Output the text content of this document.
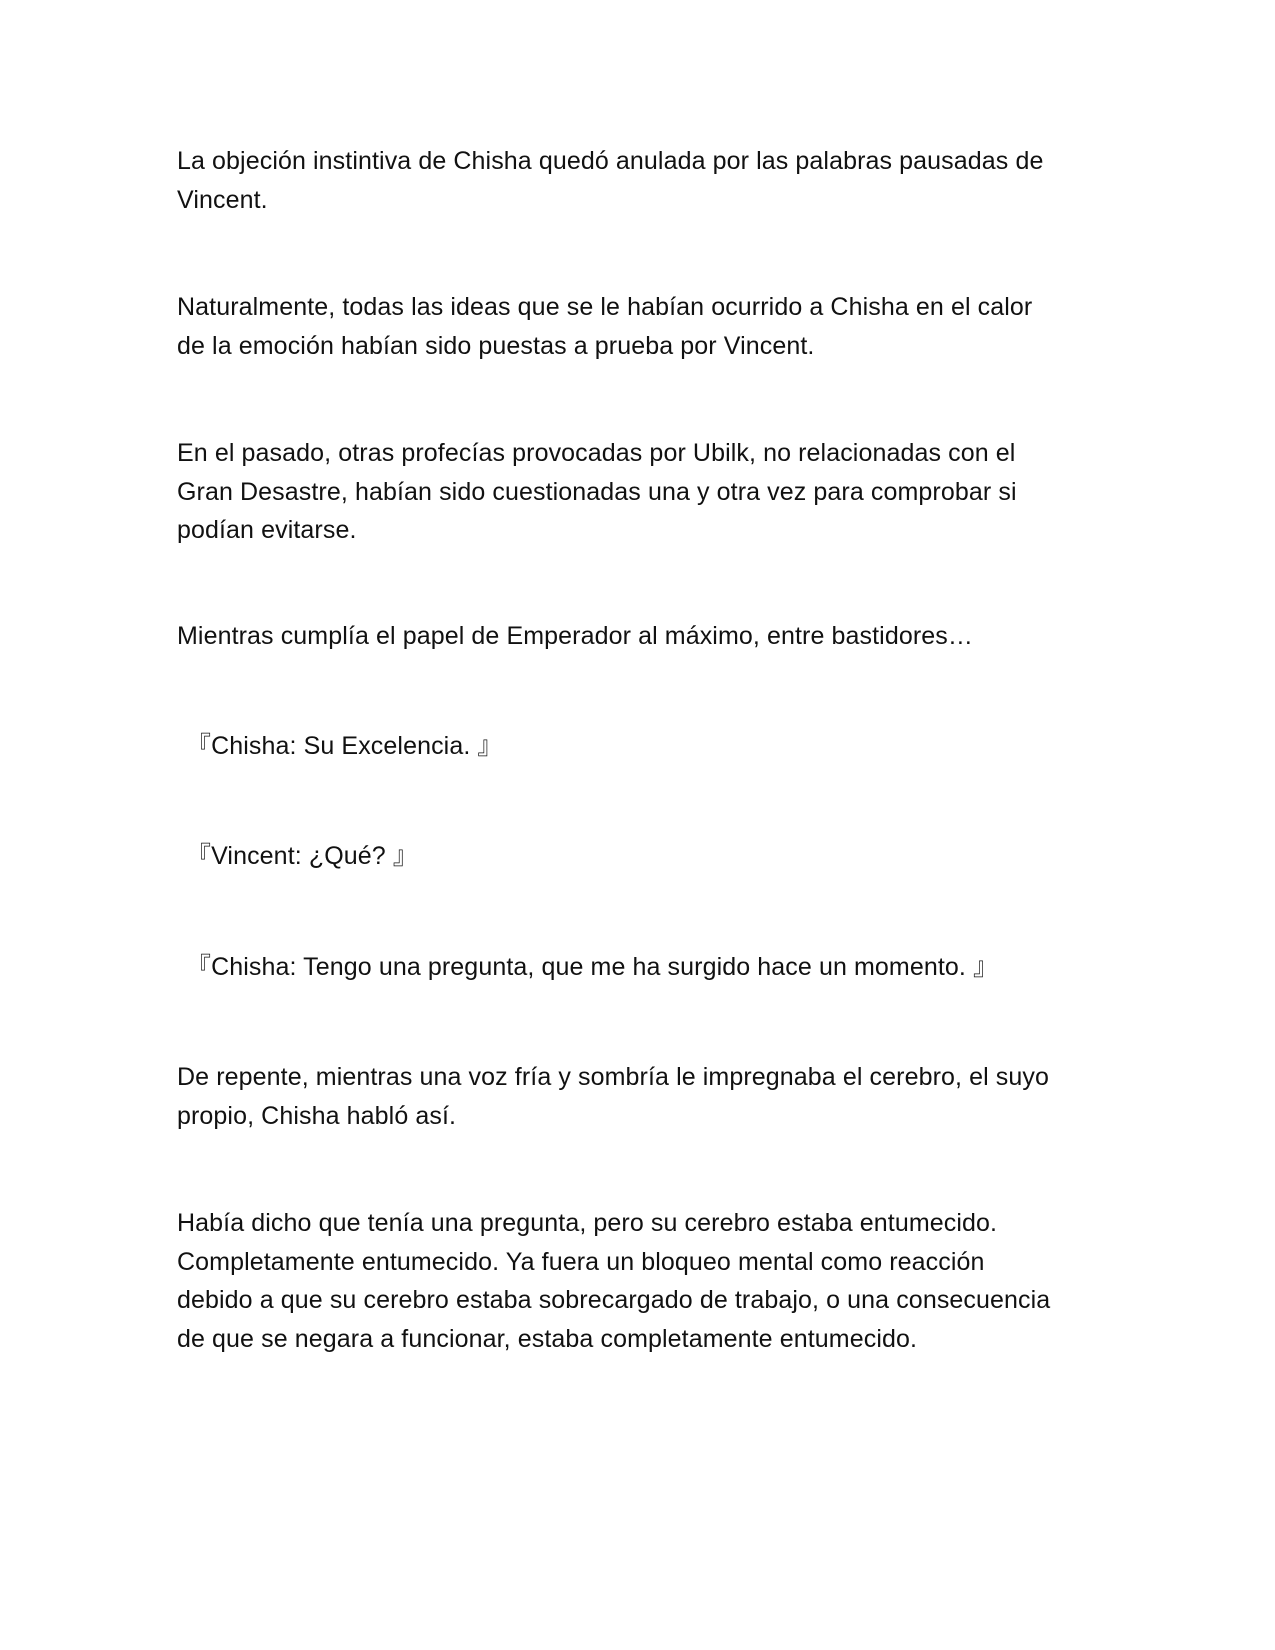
La objeción instintiva de Chisha quedó anulada por las palabras pausadas de
Vincent.
Naturalmente, todas las ideas que se le habían ocurrido a Chisha en el calor
de la emoción habían sido puestas a prueba por Vincent.
En el pasado, otras profecías provocadas por Ubilk, no relacionadas con el
Gran Desastre, habían sido cuestionadas una y otra vez para comprobar si
podían evitarse.
Mientras cumplía el papel de Emperador al máximo, entre bastidores…
『Chisha: Su Excelencia. 』
『Vincent: ¿Qué? 』
『Chisha: Tengo una pregunta, que me ha surgido hace un momento. 』
De repente, mientras una voz fría y sombría le impregnaba el cerebro, el suyo
propio, Chisha habló así.
Había dicho que tenía una pregunta, pero su cerebro estaba entumecido.
Completamente entumecido. Ya fuera un bloqueo mental como reacción
debido a que su cerebro estaba sobrecargado de trabajo, o una consecuencia
de que se negara a funcionar, estaba completamente entumecido.
